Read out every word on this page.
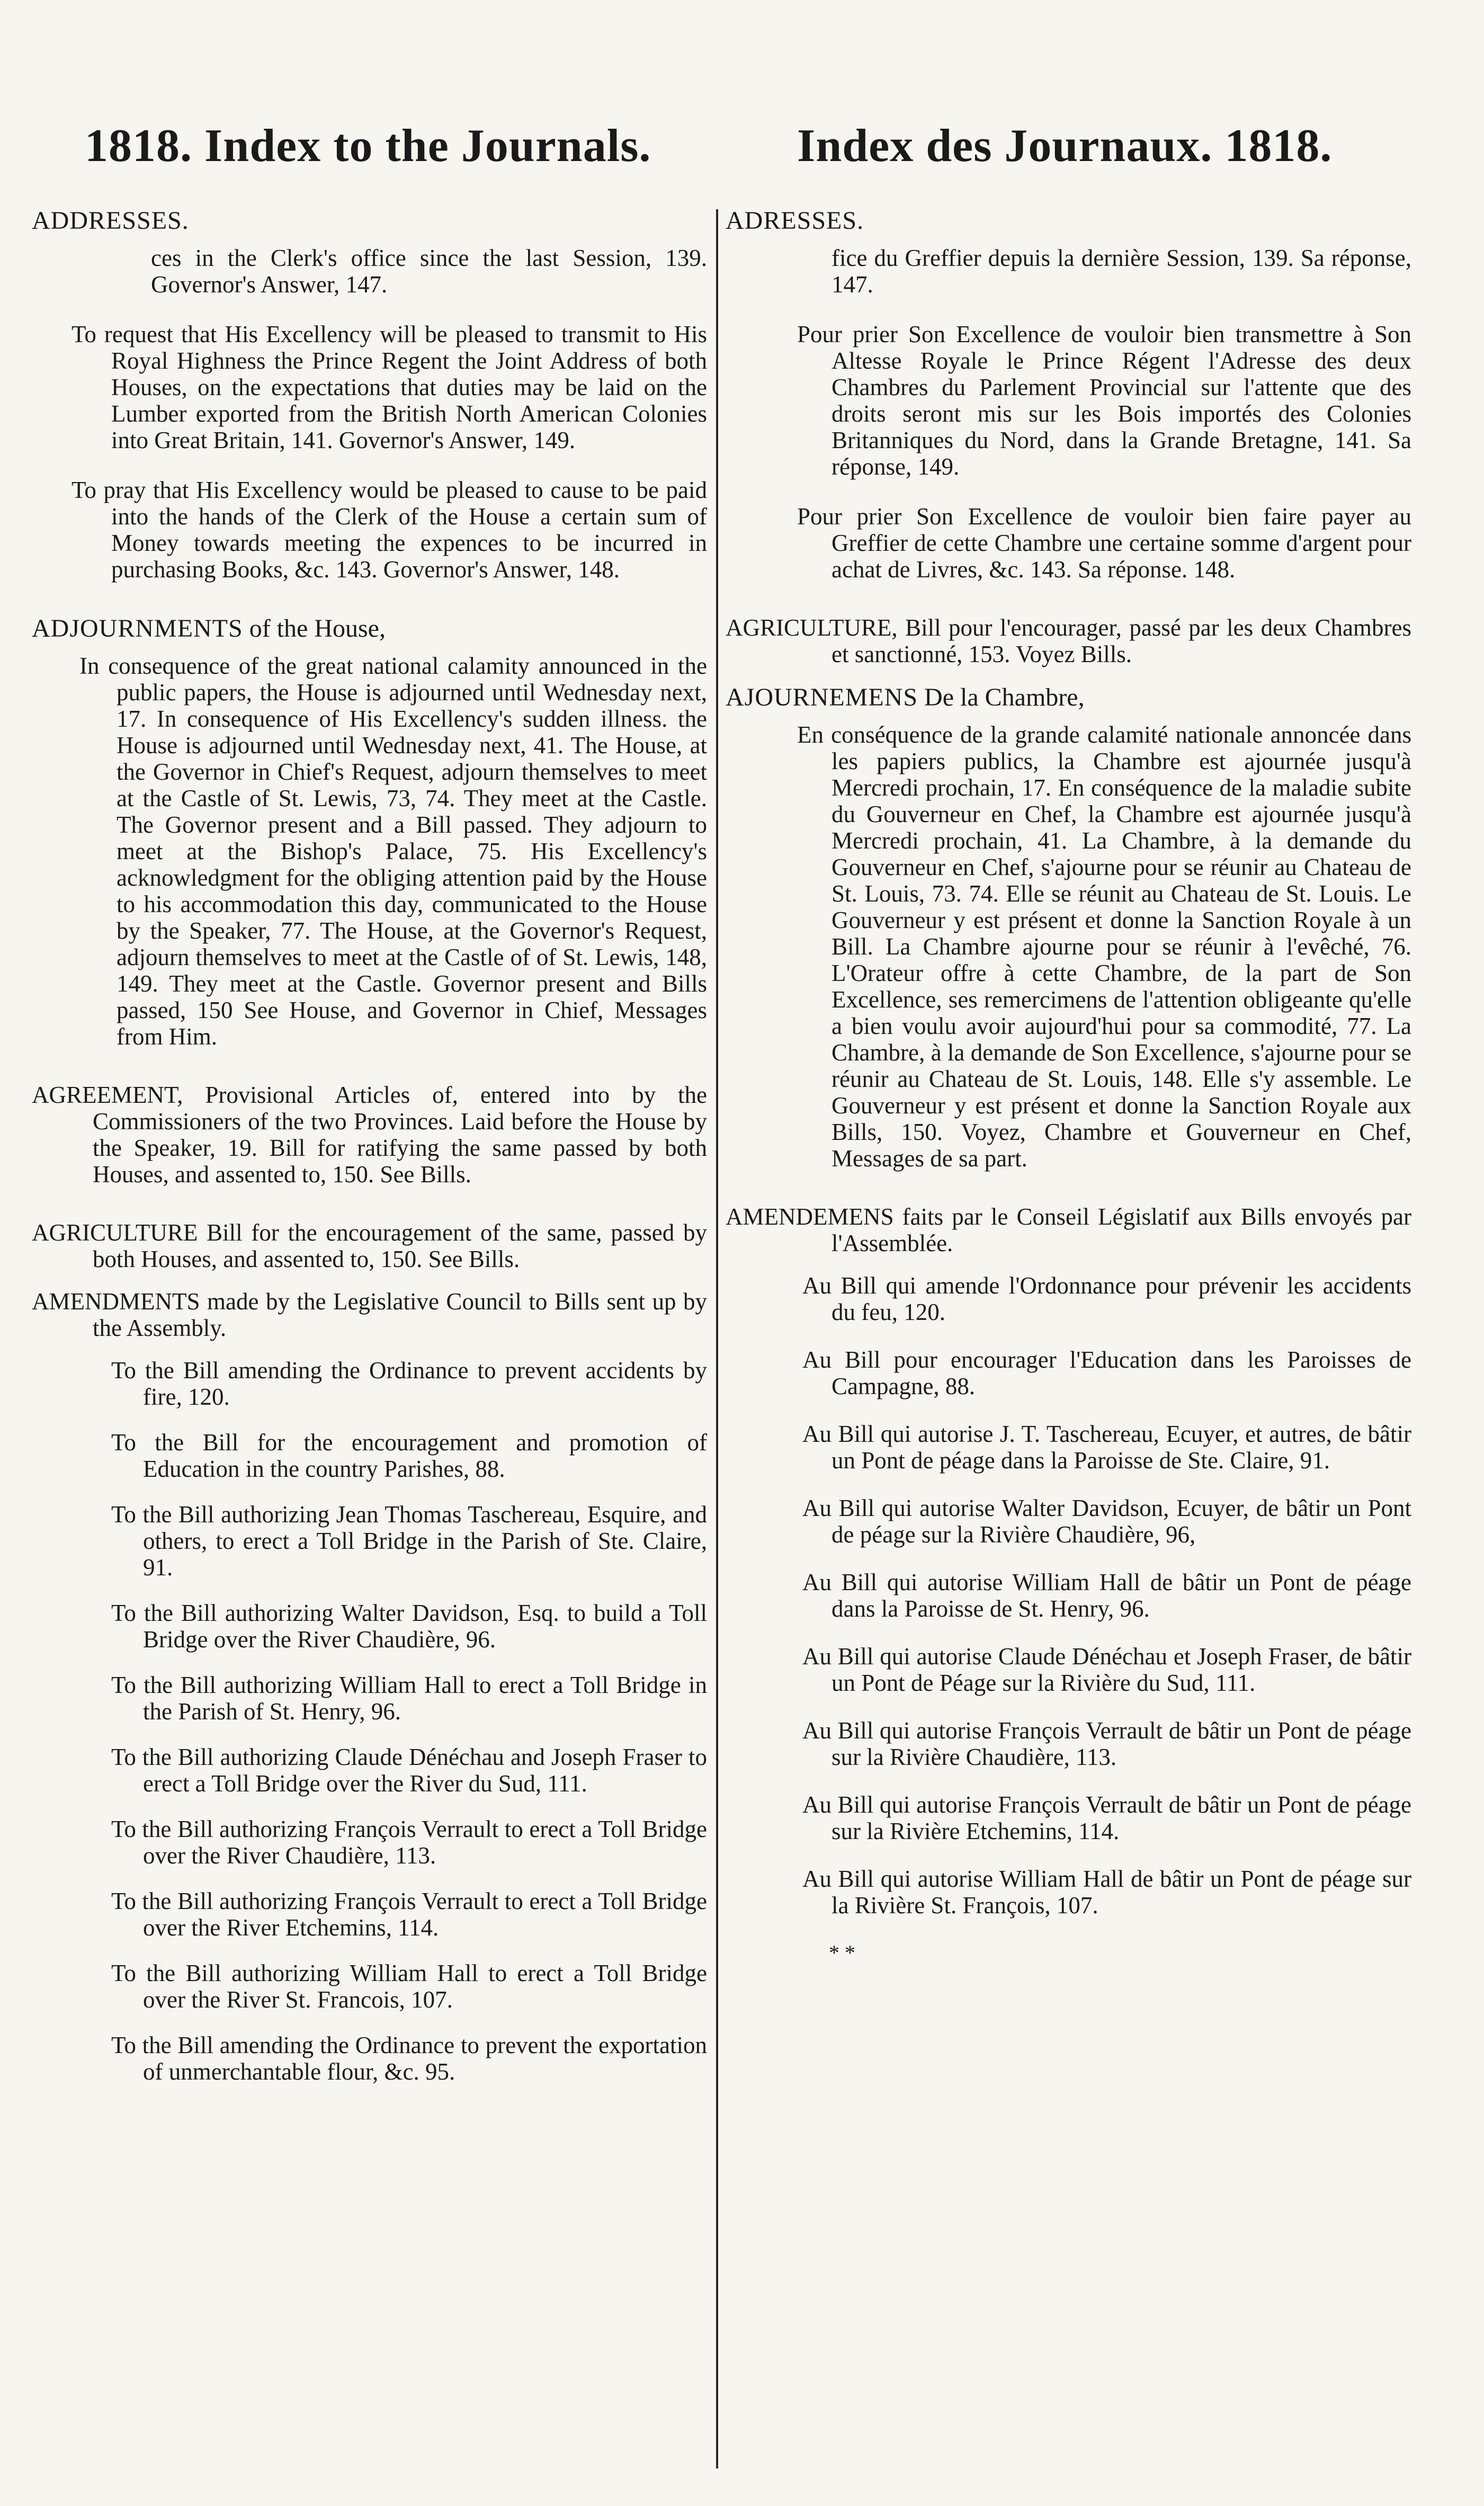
1818. Index to the Journals.	Index des Journaux. 1818.
ADDRESSES.
ces in the Clerk's office since the last Session, 139. Governor's Answer, 147.
To request that His Excellency will be pleased to transmit to His Royal Highness the Prince Regent the Joint Address of both Houses, on the expectations that duties may be laid on the Lumber exported from the British North American Colonies into Great Britain, 141. Governor's Answer, 149.
To pray that His Excellency would be pleased to cause to be paid into the hands of the Clerk of the House a certain sum of Money towards meeting the expences to be incurred in purchasing Books, &c. 143. Governor's Answer, 148.
ADJOURNMENTS of the House,
In consequence of the great national calamity announced in the public papers, the House is adjourned until Wednesday next, 17. In consequence of His Excellency's sudden illness. the House is adjourned until Wednesday next, 41. The House, at the Governor in Chief's Request, adjourn themselves to meet at the Castle of St. Lewis, 73, 74. They meet at the Castle. The Governor present and a Bill passed. They adjourn to meet at the Bishop's Palace, 75. His Excellency's acknowledgment for the obliging attention paid by the House to his accommodation this day, communicated to the House by the Speaker, 77. The House, at the Governor's Request, adjourn themselves to meet at the Castle of of St. Lewis, 148, 149. They meet at the Castle. Governor present and Bills passed, 150 See House, and Governor in Chief, Messages from Him.
AGREEMENT, Provisional Articles of, entered into by the Commissioners of the two Provinces. Laid before the House by the Speaker, 19. Bill for ratifying the same passed by both Houses, and assented to, 150. See Bills.
AGRICULTURE Bill for the encouragement of the same, passed by both Houses, and assented to, 150. See Bills.
AMENDMENTS made by the Legislative Council to Bills sent up by the Assembly.
To the Bill amending the Ordinance to prevent accidents by fire, 120.
To the Bill for the encouragement and promotion of Education in the country Parishes, 88.
To the Bill authorizing Jean Thomas Taschereau, Esquire, and others, to erect a Toll Bridge in the Parish of Ste. Claire, 91.
To the Bill authorizing Walter Davidson, Esq. to build a Toll Bridge over the River Chaudière, 96.
To the Bill authorizing William Hall to erect a Toll Bridge in the Parish of St. Henry, 96.
To the Bill authorizing Claude Dénéchau and Joseph Fraser to erect a Toll Bridge over the River du Sud, 111.
To the Bill authorizing François Verrault to erect a Toll Bridge over the River Chaudière, 113.
To the Bill authorizing François Verrault to erect a Toll Bridge over the River Etchemins, 114.
To the Bill authorizing William Hall to erect a Toll Bridge over the River St. Francois, 107.
To the Bill amending the Ordinance to prevent the exportation of unmerchantable flour, &c. 95.
ADRESSES.
fice du Greffier depuis la dernière Session, 139. Sa réponse, 147.
Pour prier Son Excellence de vouloir bien transmettre à Son Altesse Royale le Prince Régent l'Adresse des deux Chambres du Parlement Provincial sur l'attente que des droits seront mis sur les Bois importés des Colonies Britanniques du Nord, dans la Grande Bretagne, 141. Sa réponse, 149.
Pour prier Son Excellence de vouloir bien faire payer au Greffier de cette Chambre une certaine somme d'argent pour achat de Livres, &c. 143. Sa réponse. 148.
AGRICULTURE, Bill pour l'encourager, passé par les deux Chambres et sanctionné, 153. Voyez Bills.
AJOURNEMENS De la Chambre,
En conséquence de la grande calamité nationale annoncée dans les papiers publics, la Chambre est ajournée jusqu'à Mercredi prochain, 17. En conséquence de la maladie subite du Gouverneur en Chef, la Chambre est ajournée jusqu'à Mercredi prochain, 41. La Chambre, à la demande du Gouverneur en Chef, s'ajourne pour se réunir au Chateau de St. Louis, 73. 74. Elle se réunit au Chateau de St. Louis. Le Gouverneur y est présent et donne la Sanction Royale à un Bill. La Chambre ajourne pour se réunir à l'evêché, 76. L'Orateur offre à cette Chambre, de la part de Son Excellence, ses remercimens de l'attention obligeante qu'elle a bien voulu avoir aujourd'hui pour sa commodité, 77. La Chambre, à la demande de Son Excellence, s'ajourne pour se réunir au Chateau de St. Louis, 148. Elle s'y assemble. Le Gouverneur y est présent et donne la Sanction Royale aux Bills, 150. Voyez, Chambre et Gouverneur en Chef, Messages de sa part.
AMENDEMENS faits par le Conseil Législatif aux Bills envoyés par l'Assemblée.
Au Bill qui amende l'Ordonnance pour prévenir les accidents du feu, 120.
Au Bill pour encourager l'Education dans les Paroisses de Campagne, 88.
Au Bill qui autorise J. T. Taschereau, Ecuyer, et autres, de bâtir un Pont de péage dans la Paroisse de Ste. Claire, 91.
Au Bill qui autorise Walter Davidson, Ecuyer, de bâtir un Pont de péage sur la Rivière Chaudière, 96,
Au Bill qui autorise William Hall de bâtir un Pont de péage dans la Paroisse de St. Henry, 96.
Au Bill qui autorise Claude Dénéchau et Joseph Fraser, de bâtir un Pont de Péage sur la Rivière du Sud, 111.
Au Bill qui autorise François Verrault de bâtir un Pont de péage sur la Rivière Chaudière, 113.
Au Bill qui autorise François Verrault de bâtir un Pont de péage sur la Rivière Etchemins, 114.
Au Bill qui autorise William Hall de bâtir un Pont de péage sur la Rivière St. François, 107.
* *
